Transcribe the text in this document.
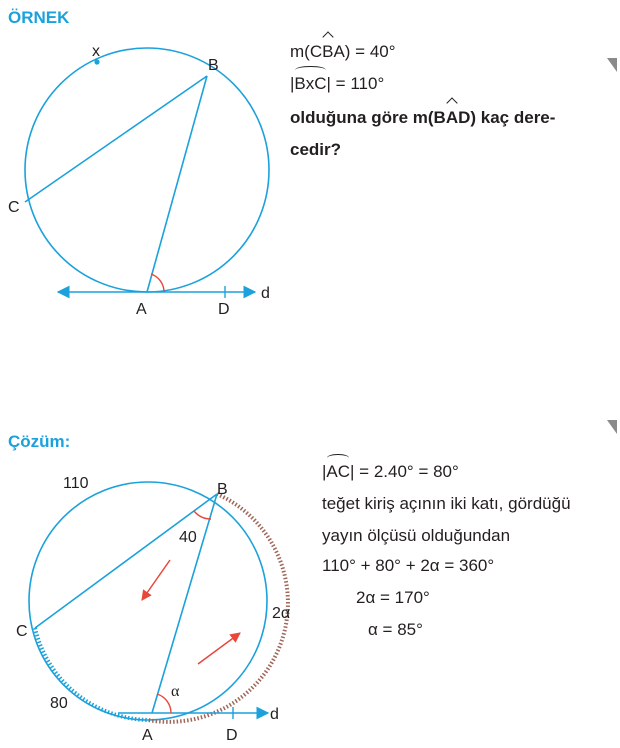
ÖRNEK
x
B
C
A	D
d
m(CBA) = 40°
|BxC| = 110°
olduğuna göre m(BAD) kaç dere-
cedir?
Çözüm:
110
40
B
C
2α
α
80
A	D
d
|AC| = 2.40° = 80°
teğet kiriş açının iki katı, gördüğü
yayın ölçüsü olduğundan
110° + 80° + 2α = 360°
2α = 170°
α = 85°
